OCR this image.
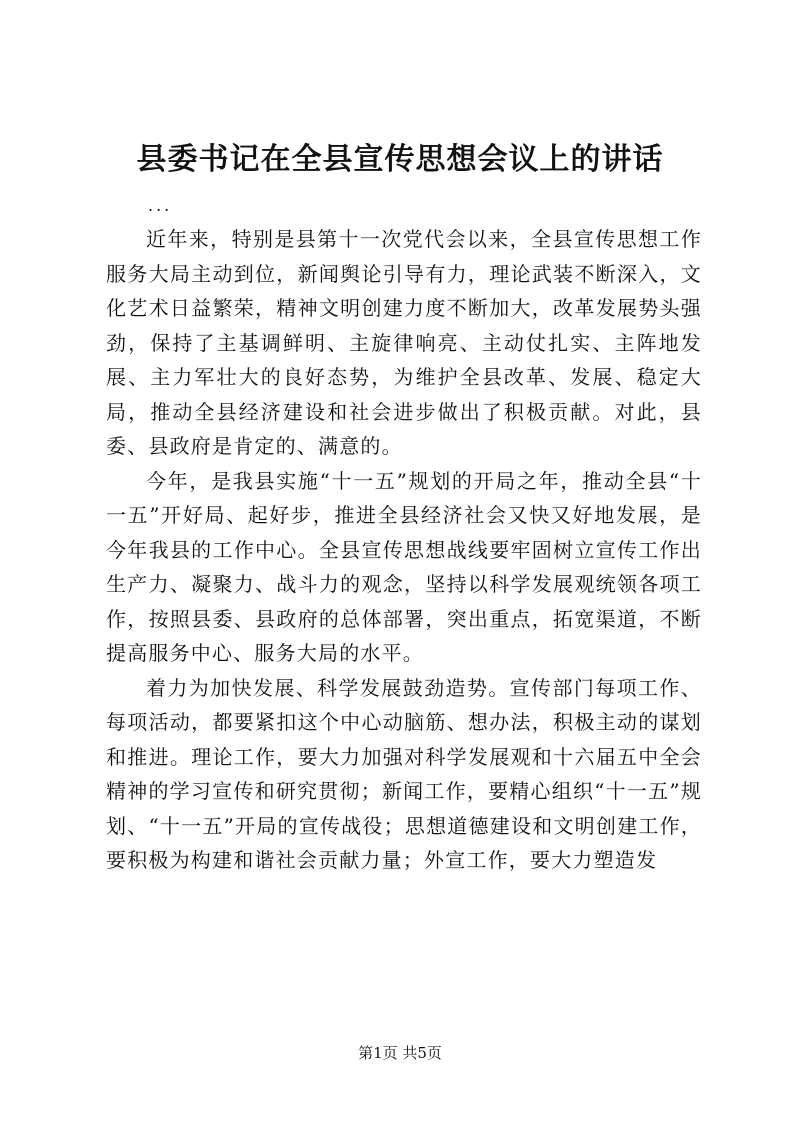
县委书记在全县宣传思想会议上的讲话
...

近年来，特别是县第十一次党代会以来，全县宣传思想工作服务大局主动到位，新闻舆论引导有力，理论武装不断深入，文化艺术日益繁荣，精神文明创建力度不断加大，改革发展势头强劲，保持了主基调鲜明、主旋律响亮、主动仗扎实、主阵地发展、主力军壮大的良好态势，为维护全县改革、发展、稳定大局，推动全县经济建设和社会进步做出了积极贡献。对此，县委、县政府是肯定的、满意的。

今年，是我县实施“十一五”规划的开局之年，推动全县“十一五”开好局、起好步，推进全县经济社会又快又好地发展，是今年我县的工作中心。全县宣传思想战线要牢固树立宣传工作出生产力、凝聚力、战斗力的观念，坚持以科学发展观统领各项工作，按照县委、县政府的总体部署，突出重点，拓宽渠道，不断提高服务中心、服务大局的水平。

着力为加快发展、科学发展鼓劲造势。宣传部门每项工作、每项活动，都要紧扣这个中心动脑筋、想办法，积极主动的谋划和推进。理论工作，要大力加强对科学发展观和十六届五中全会精神的学习宣传和研究贯彻；新闻工作，要精心组织“十一五”规划、“十一五”开局的宣传战役；思想道德建设和文明创建工作，要积极为构建和谐社会贡献力量；外宣工作，要大力塑造发

第1页 共5页
